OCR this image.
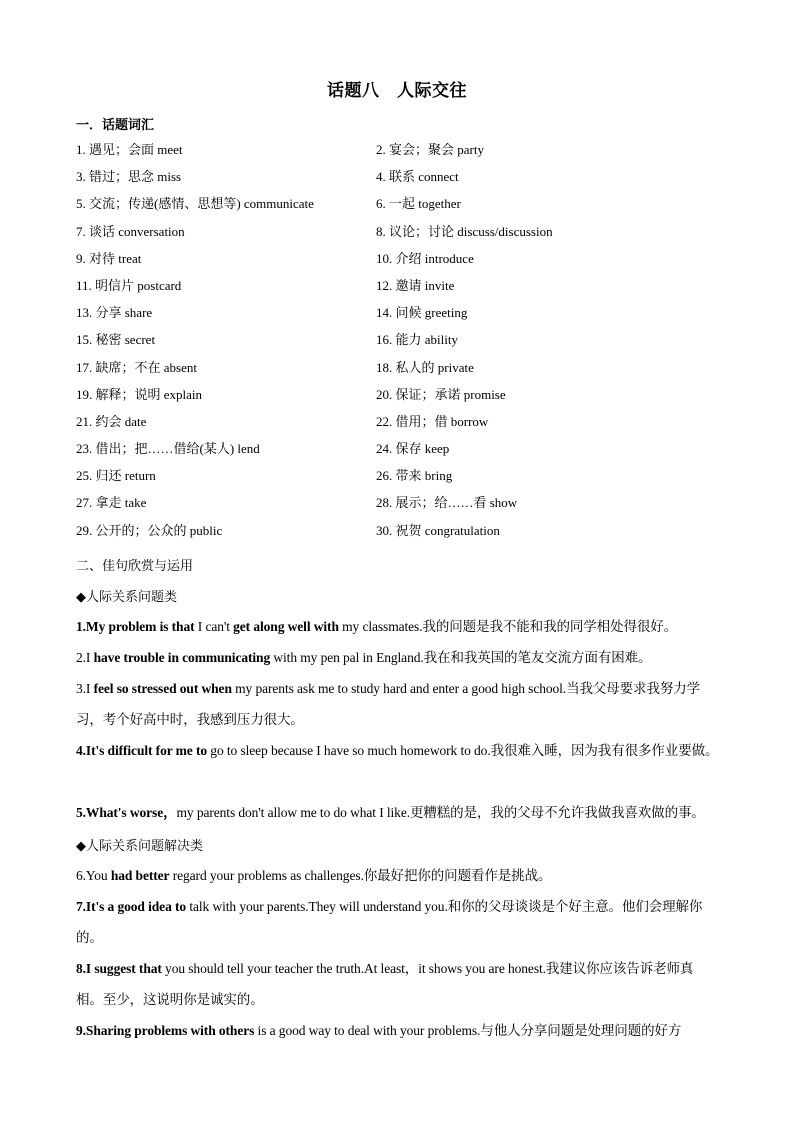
话题八　人际交往
一．话题词汇
1. 遇见；会面 meet	2. 宴会；聚会 party
3. 错过；思念 miss	4. 联系 connect
5. 交流；传递(感情、思想等) communicate	6. 一起 together
7. 谈话 conversation	8. 议论；讨论 discuss/discussion
9. 对待 treat	10. 介绍 introduce
11. 明信片 postcard	12. 邀请 invite
13. 分享 share	14. 问候 greeting
15. 秘密 secret	16. 能力 ability
17. 缺席；不在 absent	18. 私人的 private
19. 解释；说明 explain	20. 保证；承诺 promise
21. 约会 date	22. 借用；借 borrow
23. 借出；把……借给(某人) lend	24. 保存 keep
25. 归还 return	26. 带来 bring
27. 拿走 take	28. 展示；给……看 show
29. 公开的；公众的 public	30. 祝贺 congratulation
二、佳句欣赏与运用
◆人际关系问题类
1.My problem is that I can't get along well with my classmates.我的问题是我不能和我的同学相处得很好。
2.I have trouble in communicating with my pen pal in England.我在和我英国的笔友交流方面有困难。
3.I feel so stressed out when my parents ask me to study hard and enter a good high school.当我父母要求我努力学习，考个好高中时，我感到压力很大。
4.It's difficult for me to go to sleep because I have so much homework to do.我很难入睡，因为我有很多作业要做。
5.What's worse，my parents don't allow me to do what I like.更糟糕的是，我的父母不允许我做我喜欢做的事。
◆人际关系问题解决类
6.You had better regard your problems as challenges.你最好把你的问题看作是挑战。
7.It's a good idea to talk with your parents.They will understand you.和你的父母谈谈是个好主意。他们会理解你的。
8.I suggest that you should tell your teacher the truth.At least，it shows you are honest.我建议你应该告诉老师真相。至少，这说明你是诚实的。
9.Sharing problems with others is a good way to deal with your problems.与他人分享问题是处理问题的好方
